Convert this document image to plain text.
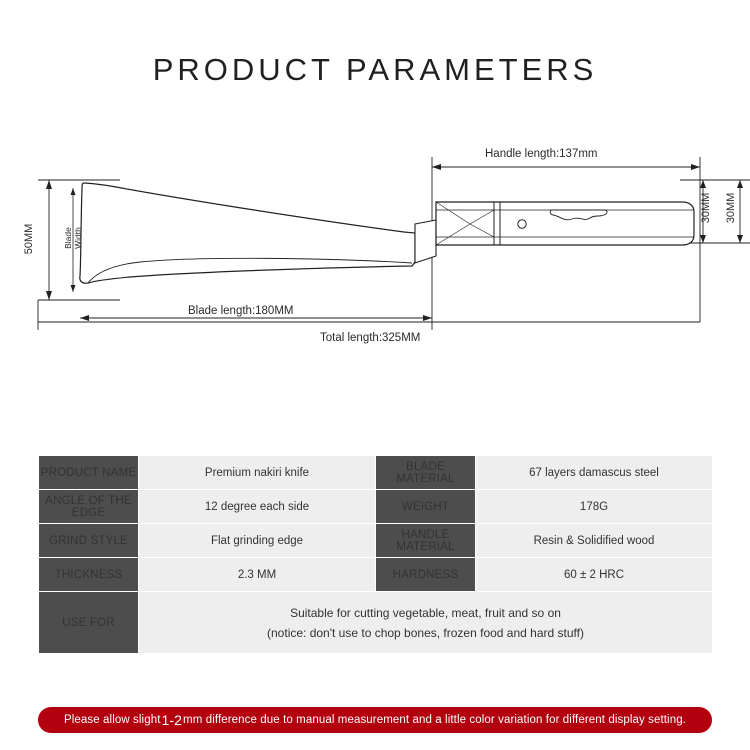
PRODUCT PARAMETERS
Handle length:137mm
Blade length:180MM
Total length:325MM
50MM	Blade
Width
30MM 30MM
PRODUCT NAME	Premium nakiri knife	BLADE MATERIAL	67 layers damascus steel
ANGLE OF THE EDGE	12 degree each side	WEIGHT	178G
GRIND STYLE	Flat grinding edge	HANDLE MATERIAL	Resin & Solidified wood
THICKNESS	2.3 MM	HARDNESS	60 ± 2 HRC
USE FOR	Suitable for cutting vegetable, meat, fruit and so on
(notice: don't use to chop bones, frozen food and hard stuff)		
Please allow slight 1-2 mm difference due to manual measurement and a little color variation for different display setting.
